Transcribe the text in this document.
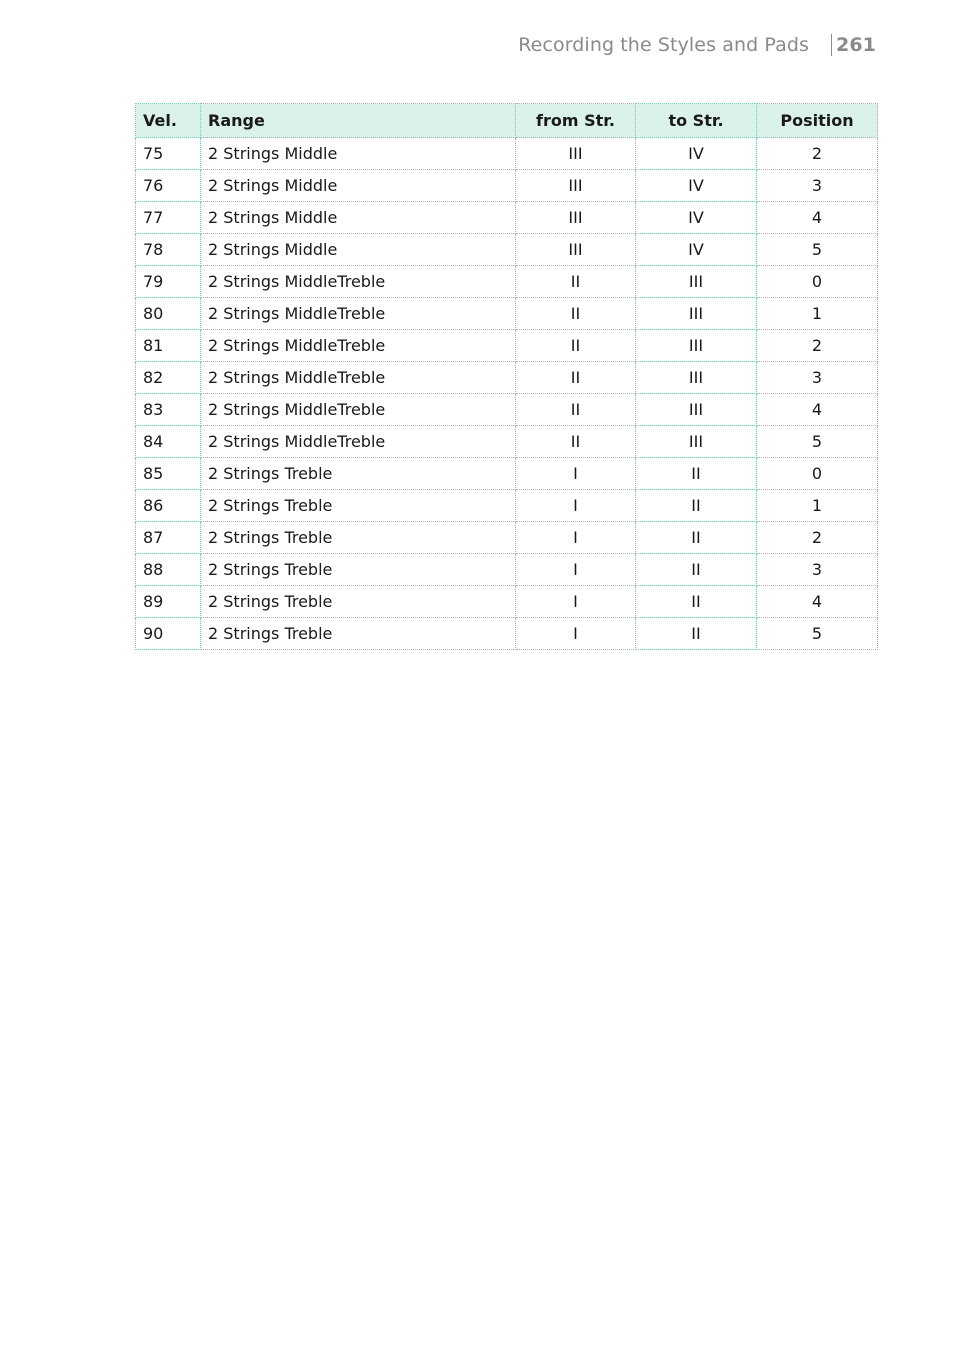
Recording the Styles and Pads 261
Vel.	Range	from Str.	to Str.	Position
75	2 Strings Middle	III	IV	2
76	2 Strings Middle	III	IV	3
77	2 Strings Middle	III	IV	4
78	2 Strings Middle	III	IV	5
79	2 Strings MiddleTreble	II	III	0
80	2 Strings MiddleTreble	II	III	1
81	2 Strings MiddleTreble	II	III	2
82	2 Strings MiddleTreble	II	III	3
83	2 Strings MiddleTreble	II	III	4
84	2 Strings MiddleTreble	II	III	5
85	2 Strings Treble	I	II	0
86	2 Strings Treble	I	II	1
87	2 Strings Treble	I	II	2
88	2 Strings Treble	I	II	3
89	2 Strings Treble	I	II	4
90	2 Strings Treble	I	II	5
